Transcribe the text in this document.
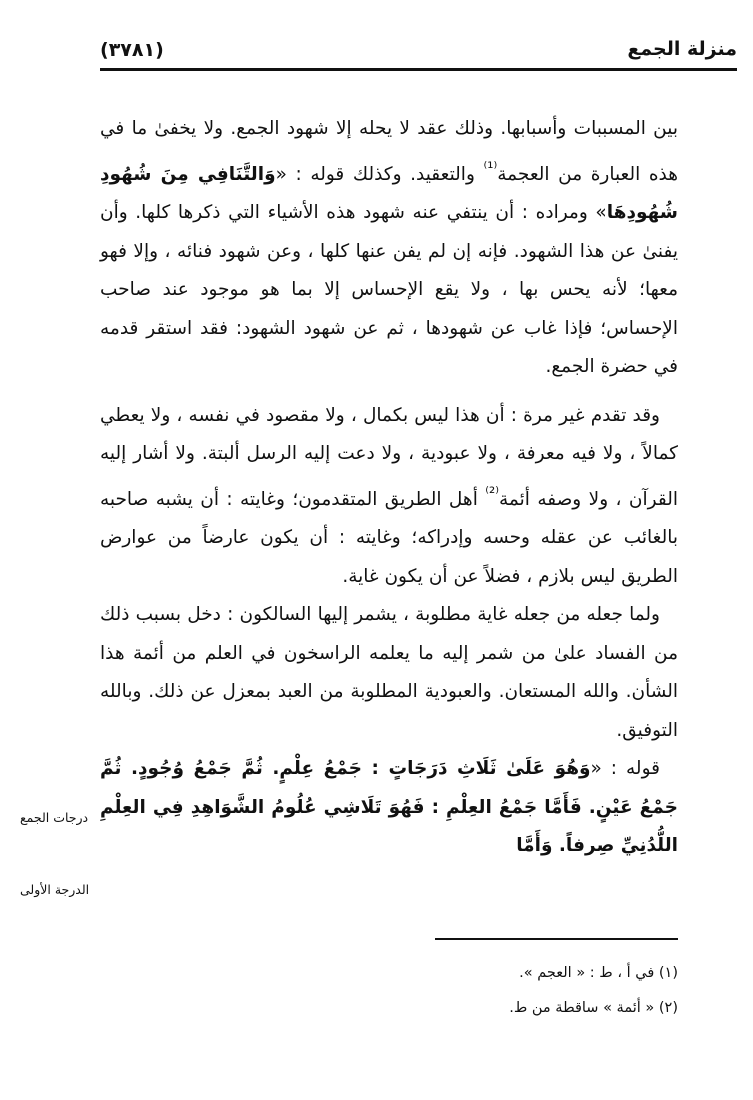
منزلة الجمع
(٣٧٨١)

بين المسببات وأسبابها. وذلك عقد لا يحله إلا شهود الجمع. ولا يخفىٰ ما في هذه العبارة من العجمة$^{^{(1)}}$ والتعقيد. وكذلك قوله : «وَالتَّنَافِي مِنَ شُهُودِ شُهُودِهَا» ومراده : أن ينتفي عنه شهود هذه الأشياء التي ذكرها كلها. وأن يفنىٰ عن هذا الشهود. فإنه إن لم يفن عنها كلها ، وعن شهود فنائه ، وإلا فهو معها؛ لأنه يحس بها ، ولا يقع الإحساس إلا بما هو موجود عند صاحب الإحساس؛ فإذا غاب عن شهودها ، ثم عن شهود الشهود: فقد استقر قدمه في حضرة الجمع.

وقد تقدم غير مرة : أن هذا ليس بكمال ، ولا مقصود في نفسه ، ولا يعطي كمالاً ، ولا فيه معرفة ، ولا عبودية ، ولا دعت إليه الرسل ألبتة. ولا أشار إليه القرآن ، ولا وصفه أئمة$^{^{(2)}}$ أهل الطريق المتقدمون؛ وغايته : أن يشبه صاحبه بالغائب عن عقله وحسه وإدراكه؛ وغايته : أن يكون عارضاً من عوارض الطريق ليس بلازم ، فضلاً عن أن يكون غاية.

ولما جعله من جعله غاية مطلوبة ، يشمر إليها السالكون : دخل بسبب ذلك من الفساد علىٰ من شمر إليه ما يعلمه الراسخون في العلم من أئمة هذا الشأن. والله المستعان. والعبودية المطلوبة من العبد بمعزل عن ذلك. وبالله التوفيق.

قوله : «وَهُوَ عَلَىٰ ثَلَاثِ دَرَجَاتٍ : جَمْعُ عِلْمٍ. ثُمَّ جَمْعُ وُجُودٍ. ثُمَّ جَمْعُ عَيْنٍ. فَأَمَّا جَمْعُ العِلْمِ : فَهُوَ تَلَاشِي عُلُومُ الشَّوَاهِدِ فِي العِلْمِ اللُّدُنِيِّ صِرفاً. وَأَمَّا

درجات الجمع
الدرجة الأولى
(١) في أ ، ط : « العجم ».
(٢) « أئمة » ساقطة من ط.
